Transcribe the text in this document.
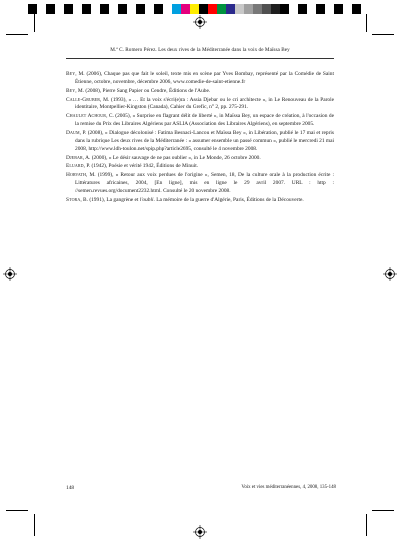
M.ª C. Romero Pérez. Les deux rives de la Méditerranée dans la voix de Maïssa Bey

Bey, M. (2006), Chaque pas que fait le soleil, texte mis en scène par Yves Bombay, représenté par la Comédie de Saint Étienne, octobre, novembre, décembre 2006, www.comedie-de-saint-etienne.fr

Bey, M. (2008), Pierre Sang Papier ou Cendre, Éditions de l'Aube.

Calle-Gruber, M. (1993), « … Et la voix s'écri(e)ra : Assia Djebar ou le cri architecte », in Le Renouveau de la Parole identitaire, Montpellier-Kingston (Canada), Cahier du Grefic, n° 2, pp. 275-291.

Chaulet Achour, C. (2005), « Surprise en flagrant délit de liberté », in Maïssa Bey, un espace de création, à l'occasion de la remise du Prix des Libraires Algériens par ASLIA (Association des Libraires Algériens), en septembre 2005.

Daum, P. (2008), « Dialogue décolonisé : Fatima Besnaci-Lancou et Maïssa Bey », in Libération, publié le 17 mai et repris dans la rubrique Les deux rives de la Méditerranée : « assumer ensemble un passé commun », publié le mercredi 21 mai 2008, http://www.ldh-toulon.net/spip.php?article2695, consulté le 4 novembre 2008.

Djebar, A. (2000), « Le désir sauvage de ne pas oublier », in Le Monde, 26 octobre 2000.

Eluard, P. (1942), Poésie et vérité 1942, Éditions de Minuit.

Horvath, M. (1999), « Retour aux voix perdues de l'origine », Semen, 18, De la culture orale à la production écrite : Littératures africaines, 2004, [En ligne], mis en ligne le 29 avril 2007. URL : http : //semen.revues.org/document2232.html. Consulté le 20 novembre 2008.

Stora, B. (1991), La gangrène et l'oubli. La mémoire de la guerre d'Algérie, Paris, Éditions de la Découverte.

148	Voix et vies méditerranéennes, 4, 2008, 135-148
